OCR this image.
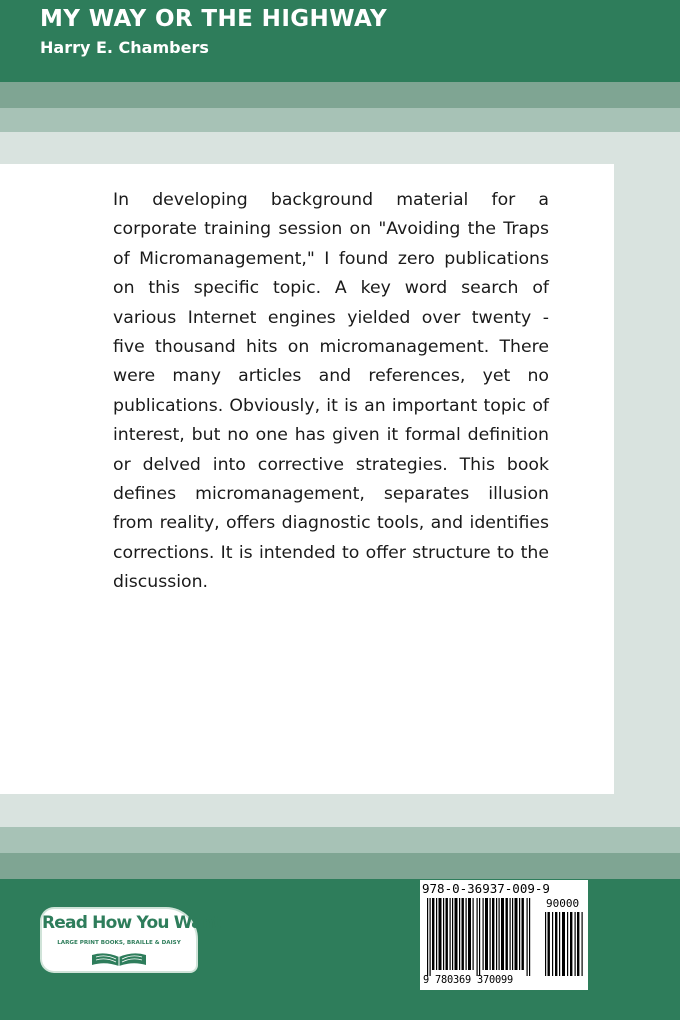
MY WAY OR THE HIGHWAY
Harry E. Chambers

In developing background material for a corporate training session on "Avoiding the Traps of Micromanagement," I found zero publications on this specific topic. A key word search of various Internet engines yielded over twenty - five thousand hits on micromanagement. There were many articles and references, yet no publications. Obviously, it is an important topic of interest, but no one has given it formal definition or delved into corrective strategies. This book defines micromanagement, separates illusion from reality, offers diagnostic tools, and identifies corrections. It is intended to offer structure to the discussion.

Read How You Want
LARGE PRINT BOOKS, BRAILLE & DAISY
978-0-36937-009-9
90000
9 780369 370099
